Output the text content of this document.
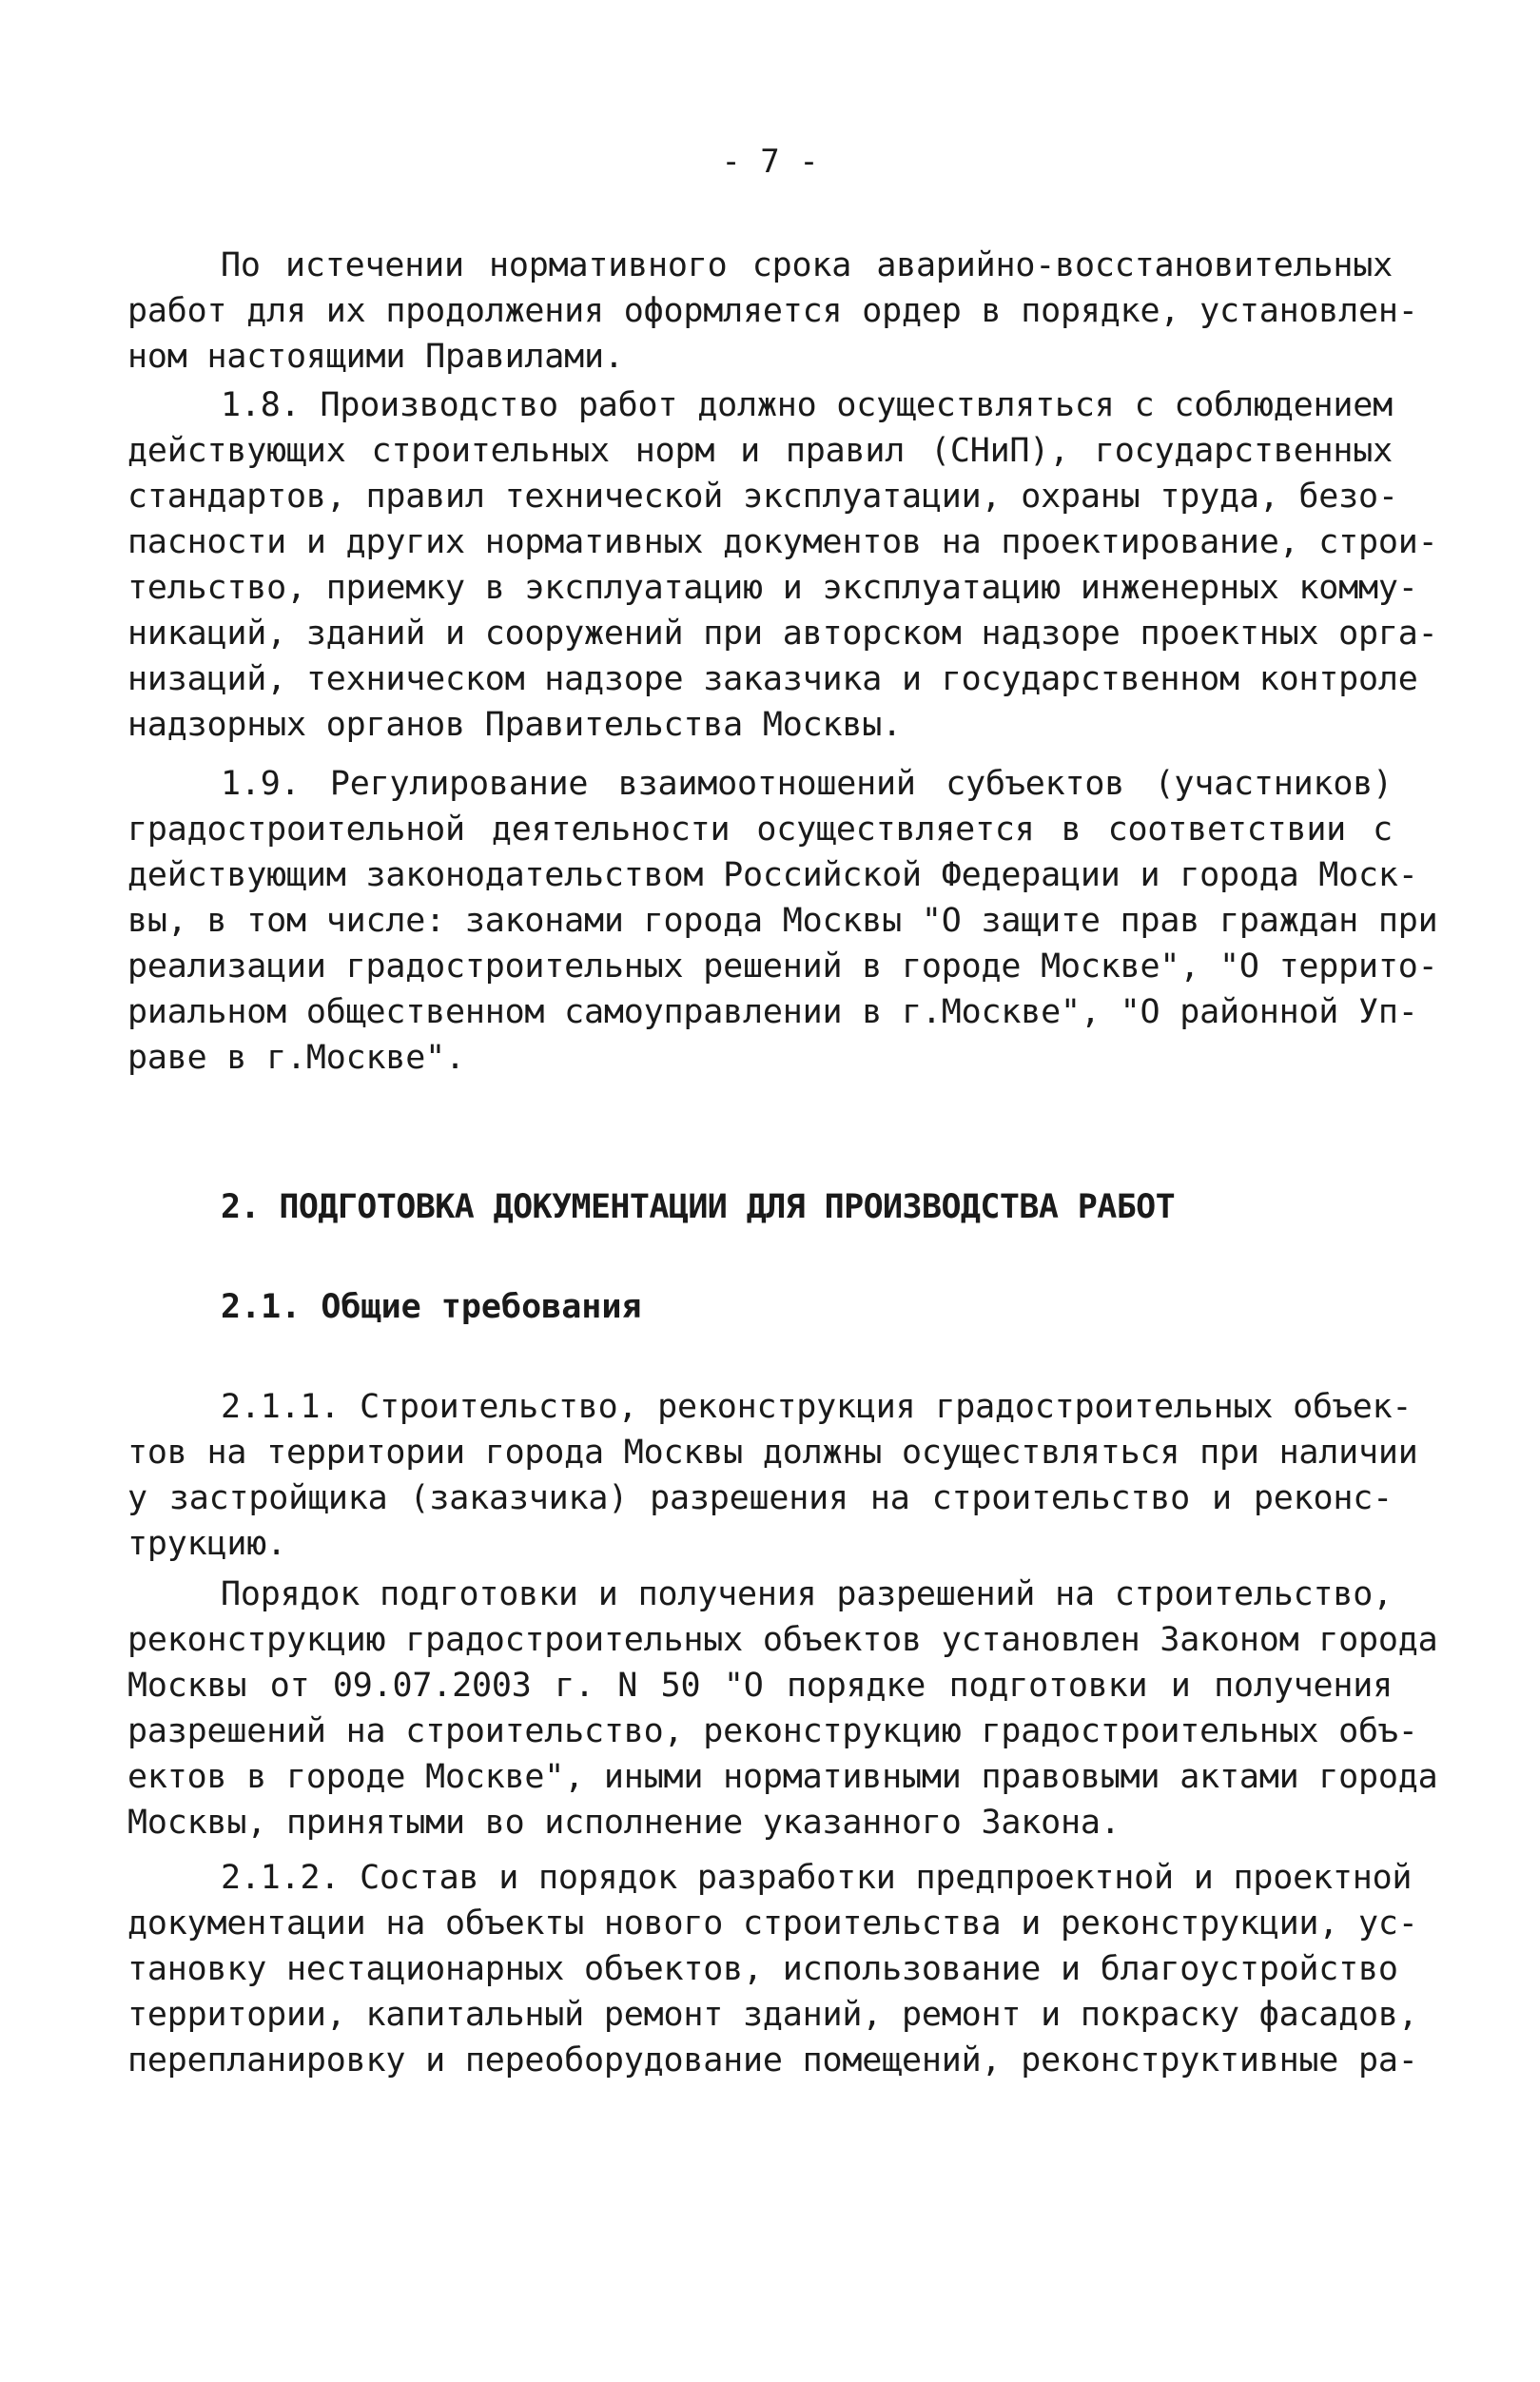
- 7 -
По истечении нормативного срока аварийно-восстановительных
работ для их продолжения оформляется ордер в порядке, установлен-
ном настоящими Правилами.
1.8. Производство работ должно осуществляться с соблюдением
действующих строительных норм и правил (СНиП), государственных
стандартов, правил технической эксплуатации, охраны труда, безо-
пасности и других нормативных документов на проектирование, строи-
тельство, приемку в эксплуатацию и эксплуатацию инженерных комму-
никаций, зданий и сооружений при авторском надзоре проектных орга-
низаций, техническом надзоре заказчика и государственном контроле
надзорных органов Правительства Москвы.
1.9. Регулирование взаимоотношений субъектов (участников)
градостроительной деятельности осуществляется в соответствии с
действующим законодательством Российской Федерации и города Моск-
вы, в том числе: законами города Москвы "О защите прав граждан при
реализации градостроительных решений в городе Москве", "О террито-
риальном общественном самоуправлении в г.Москве", "О районной Уп-
раве в г.Москве".
2. ПОДГОТОВКА ДОКУМЕНТАЦИИ ДЛЯ ПРОИЗВОДСТВА РАБОТ
2.1. Общие требования
2.1.1. Строительство, реконструкция градостроительных объек-
тов на территории города Москвы должны осуществляться при наличии
у застройщика (заказчика) разрешения на строительство и реконс-
трукцию.
Порядок подготовки и получения разрешений на строительство,
реконструкцию градостроительных объектов установлен Законом города
Москвы от 09.07.2003 г. N 50 "О порядке подготовки и получения
разрешений на строительство, реконструкцию градостроительных объ-
ектов в городе Москве", иными нормативными правовыми актами города
Москвы, принятыми во исполнение указанного Закона.
2.1.2. Состав и порядок разработки предпроектной и проектной
документации на объекты нового строительства и реконструкции, ус-
тановку нестационарных объектов, использование и благоустройство
территории, капитальный ремонт зданий, ремонт и покраску фасадов,
перепланировку и переоборудование помещений, реконструктивные ра-
